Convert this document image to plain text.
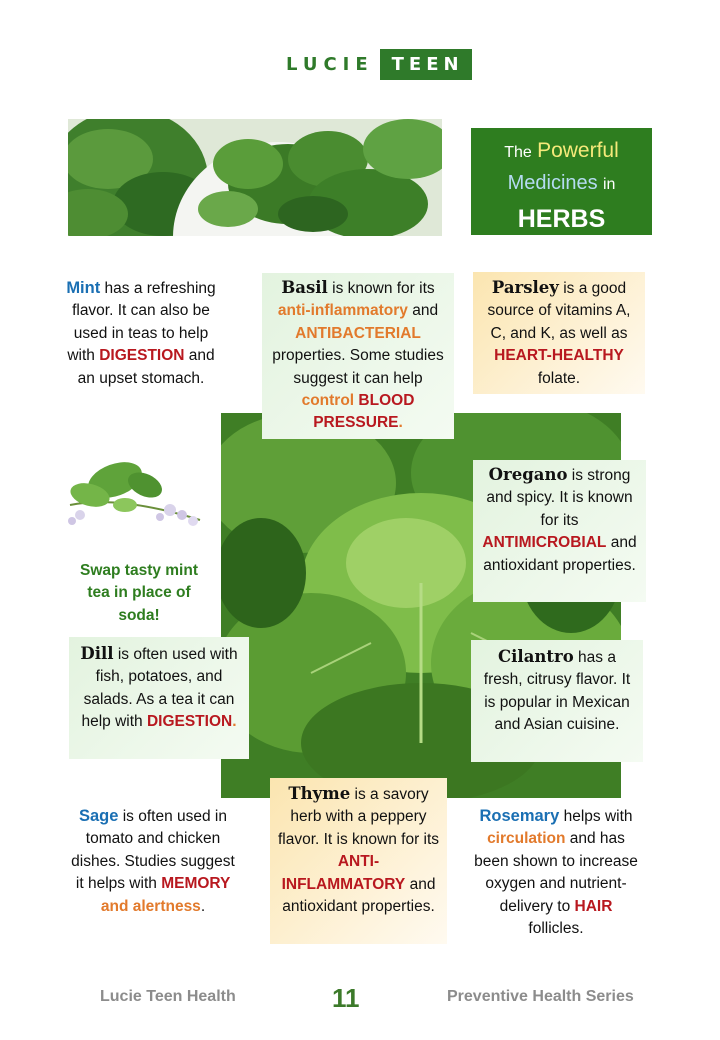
LUCIE	TEEN
The Powerful
Medicines in
HERBS
Mint has a refreshing flavor. It can also be used in teas to help with DIGESTION and an upset stomach.
Basil is known for its anti-inflammatory and ANTIBACTERIAL properties. Some studies suggest it can help control BLOOD PRESSURE.
Parsley is a good source of vitamins A, C, and K, as well as HEART-HEALTHY folate.
Swap tasty mint tea in place of soda!
Oregano is strong and spicy. It is known for its ANTIMICROBIAL and antioxidant properties.
Dill is often used with fish, potatoes, and salads. As a tea it can help with DIGESTION.
Cilantro has a fresh, citrusy flavor. It is popular in Mexican and Asian cuisine.
Sage is often used in tomato and chicken dishes. Studies suggest it helps with MEMORY and alertness.
Thyme is a savory herb with a peppery flavor. It is known for its ANTI-INFLAMMATORY and antioxidant properties.
Rosemary helps with circulation and has been shown to increase oxygen and nutrient-delivery to HAIR follicles.
Lucie Teen Health	11	Preventive Health Series
